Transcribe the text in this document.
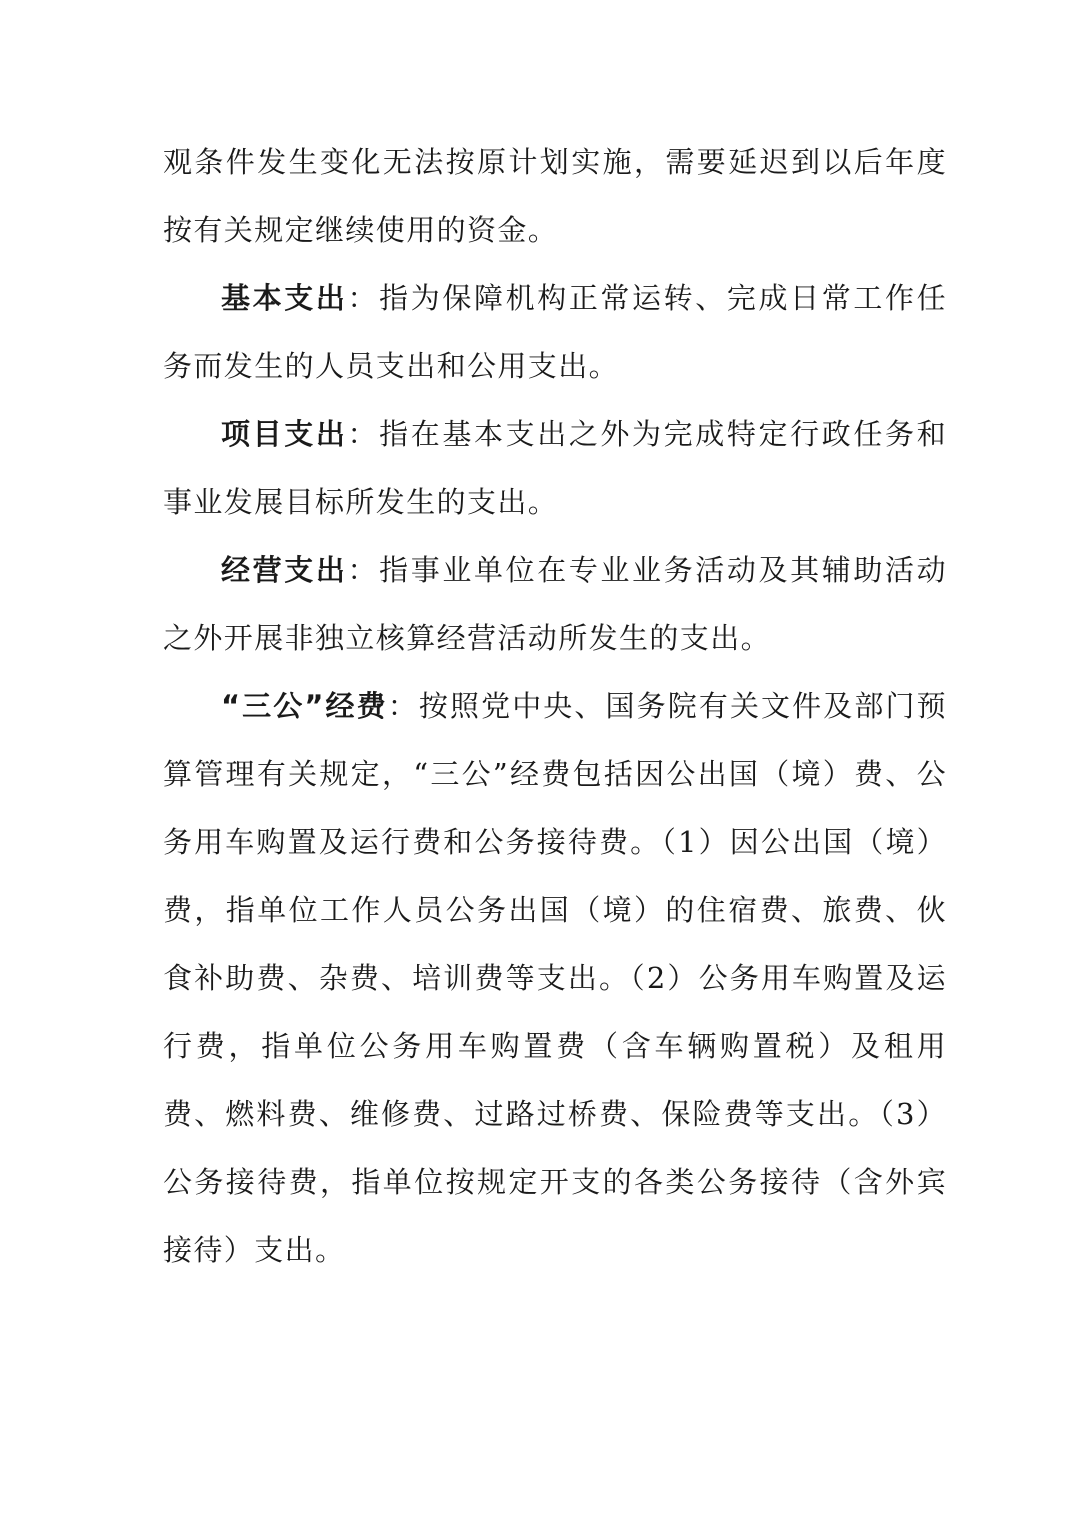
观条件发生变化无法按原计划实施，需要延迟到以后年度按有关规定继续使用的资金。

基本支出：指为保障机构正常运转、完成日常工作任务而发生的人员支出和公用支出。

项目支出：指在基本支出之外为完成特定行政任务和事业发展目标所发生的支出。

经营支出：指事业单位在专业业务活动及其辅助活动之外开展非独立核算经营活动所发生的支出。

“三公”经费：按照党中央、国务院有关文件及部门预算管理有关规定，“三公”经费包括因公出国（境）费、公务用车购置及运行费和公务接待费。（1）因公出国（境）费，指单位工作人员公务出国（境）的住宿费、旅费、伙食补助费、杂费、培训费等支出。（2）公务用车购置及运行费，指单位公务用车购置费（含车辆购置税）及租用费、燃料费、维修费、过路过桥费、保险费等支出。（3）公务接待费，指单位按规定开支的各类公务接待（含外宾接待）支出。
